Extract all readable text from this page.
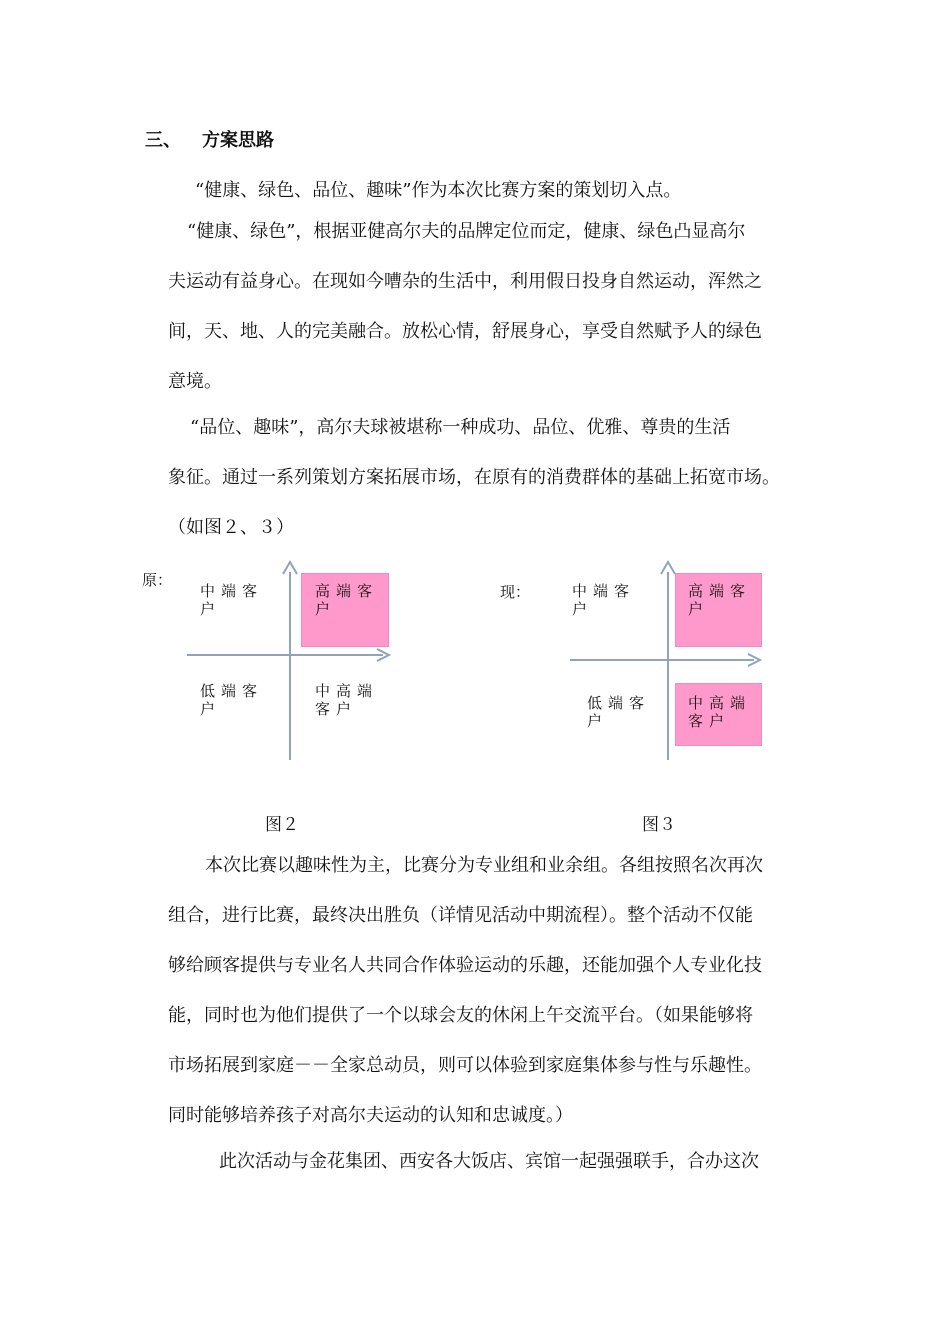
三、 方案思路
“健康、绿色、品位、趣味”作为本次比赛方案的策划切入点。
“健康、绿色”，根据亚健高尔夫的品牌定位而定，健康、绿色凸显高尔
夫运动有益身心。在现如今嘈杂的生活中，利用假日投身自然运动，浑然之
间，天、地、人的完美融合。放松心情，舒展身心，享受自然赋予人的绿色
意境。
“品位、趣味”，高尔夫球被堪称一种成功、品位、优雅、尊贵的生活
象征。通过一系列策划方案拓展市场，在原有的消费群体的基础上拓宽市场。
（如图２、３）
原：
中端客
户
高端客
户
低端客
户
中高端
客户
图２
现：	中端客
户
高端客
户
低端客
户
中高端
客户
图３
本次比赛以趣味性为主，比赛分为专业组和业余组。各组按照名次再次
组合，进行比赛，最终决出胜负（详情见活动中期流程）。整个活动不仅能
够给顾客提供与专业名人共同合作体验运动的乐趣，还能加强个人专业化技
能，同时也为他们提供了一个以球会友的休闲上午交流平台。（如果能够将
市场拓展到家庭－－全家总动员，则可以体验到家庭集体参与性与乐趣性。
同时能够培养孩子对高尔夫运动的认知和忠诚度。）
此次活动与金花集团、西安各大饭店、宾馆一起强强联手，合办这次
